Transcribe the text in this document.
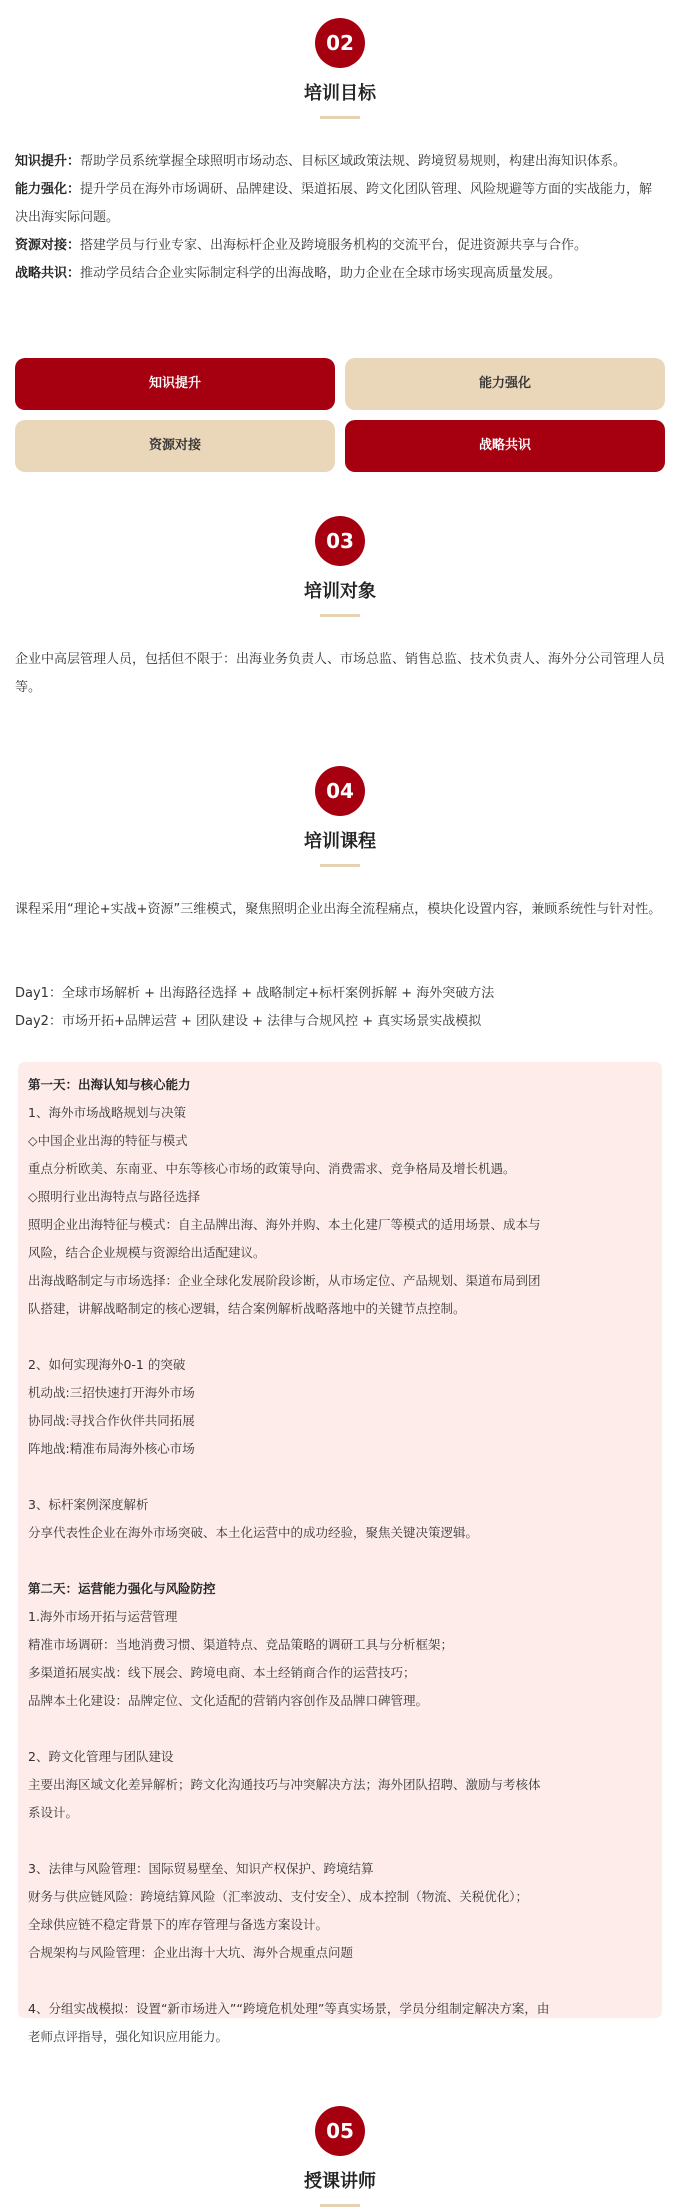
02
培训目标
知识提升：帮助学员系统掌握全球照明市场动态、目标区域政策法规、跨境贸易规则，构建出海知识体系。
能力强化：提升学员在海外市场调研、品牌建设、渠道拓展、跨文化团队管理、风险规避等方面的实战能力，解决出海实际问题。
资源对接：搭建学员与行业专家、出海标杆企业及跨境服务机构的交流平台，促进资源共享与合作。
战略共识：推动学员结合企业实际制定科学的出海战略，助力企业在全球市场实现高质量发展。
知识提升	能力强化
资源对接	战略共识
03
培训对象
企业中高层管理人员，包括但不限于：出海业务负责人、市场总监、销售总监、技术负责人、海外分公司管理人员等。
04
培训课程
课程采用“理论+实战+资源”三维模式，聚焦照明企业出海全流程痛点，模块化设置内容，兼顾系统性与针对性。
Day1：全球市场解析 + 出海路径选择 + 战略制定+标杆案例拆解 + 海外突破方法
Day2：市场开拓+品牌运营 + 团队建设 + 法律与合规风控 + 真实场景实战模拟
第一天：出海认知与核心能力
1、海外市场战略规划与决策
◇中国企业出海的特征与模式
重点分析欧美、东南亚、中东等核心市场的政策导向、消费需求、竞争格局及增长机遇。
◇照明行业出海特点与路径选择
照明企业出海特征与模式：自主品牌出海、海外并购、本土化建厂等模式的适用场景、成本与
风险，结合企业规模与资源给出适配建议。
出海战略制定与市场选择：企业全球化发展阶段诊断，从市场定位、产品规划、渠道布局到团
队搭建，讲解战略制定的核心逻辑，结合案例解析战略落地中的关键节点控制。
2、如何实现海外0-1 的突破
机动战:三招快速打开海外市场
协同战:寻找合作伙伴共同拓展
阵地战:精准布局海外核心市场
3、标杆案例深度解析
分享代表性企业在海外市场突破、本土化运营中的成功经验，聚焦关键决策逻辑。
第二天：运营能力强化与风险防控
1.海外市场开拓与运营管理
精准市场调研：当地消费习惯、渠道特点、竞品策略的调研工具与分析框架；
多渠道拓展实战：线下展会、跨境电商、本土经销商合作的运营技巧；
品牌本土化建设：品牌定位、文化适配的营销内容创作及品牌口碑管理。
2、跨文化管理与团队建设
主要出海区域文化差异解析；跨文化沟通技巧与冲突解决方法；海外团队招聘、激励与考核体
系设计。
3、法律与风险管理：国际贸易壁垒、知识产权保护、跨境结算
财务与供应链风险：跨境结算风险（汇率波动、支付安全）、成本控制（物流、关税优化）；
全球供应链不稳定背景下的库存管理与备选方案设计。
合规架构与风险管理：企业出海十大坑、海外合规重点问题
4、分组实战模拟：设置“新市场进入”“跨境危机处理”等真实场景，学员分组制定解决方案，由
老师点评指导，强化知识应用能力。
05
授课讲师
